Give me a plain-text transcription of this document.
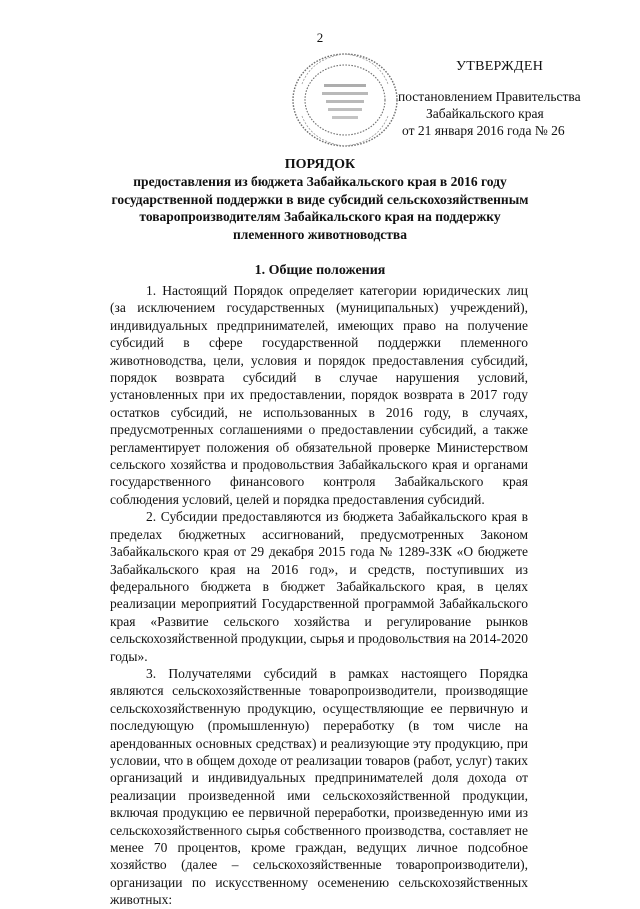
2
УТВЕРЖДЕН
постановлением Правительства
Забайкальского края
от 21 января 2016 года № 26
ПОРЯДОК
предоставления из бюджета Забайкальского края в 2016 году государственной поддержки в виде субсидий сельскохозяйственным товаропроизводителям Забайкальского края на поддержку племенного животноводства
1. Общие положения

1. Настоящий Порядок определяет категории юридических лиц (за исключением государственных (муниципальных) учреждений), индивидуальных предпринимателей, имеющих право на получение субсидий в сфере государственной поддержки племенного животноводства, цели, условия и порядок предоставления субсидий, порядок возврата субсидий в случае нарушения условий, установленных при их предоставлении, порядок возврата в 2017 году остатков субсидий, не использованных в 2016 году, в случаях, предусмотренных соглашениями о предоставлении субсидий, а также регламентирует положения об обязательной проверке Министерством сельского хозяйства и продовольствия Забайкальского края и органами государственного финансового контроля Забайкальского края соблюдения условий, целей и порядка предоставления субсидий.

2. Субсидии предоставляются из бюджета Забайкальского края в пределах бюджетных ассигнований, предусмотренных Законом Забайкальского края от 29 декабря 2015 года № 1289-ЗЗК «О бюджете Забайкальского края на 2016 год», и средств, поступивших из федерального бюджета в бюджет Забайкальского края, в целях реализации мероприятий Государственной программой Забайкальского края «Развитие сельского хозяйства и регулирование рынков сельскохозяйственной продукции, сырья и продовольствия на 2014-2020 годы».

3. Получателями субсидий в рамках настоящего Порядка являются сельскохозяйственные товаропроизводители, производящие сельскохозяйственную продукцию, осуществляющие ее первичную и последующую (промышленную) переработку (в том числе на арендованных основных средствах) и реализующие эту продукцию, при условии, что в общем доходе от реализации товаров (работ, услуг) таких организаций и индивидуальных предпринимателей доля дохода от реализации произведенной ими сельскохозяйственной продукции, включая продукцию ее первичной переработки, произведенную ими из сельскохозяйственного сырья собственного производства, составляет не менее 70 процентов, кроме граждан, ведущих личное подсобное хозяйство (далее – сельскохозяйственные товаропроизводители), организации по искусственному осеменению сельскохозяйственных животных:
